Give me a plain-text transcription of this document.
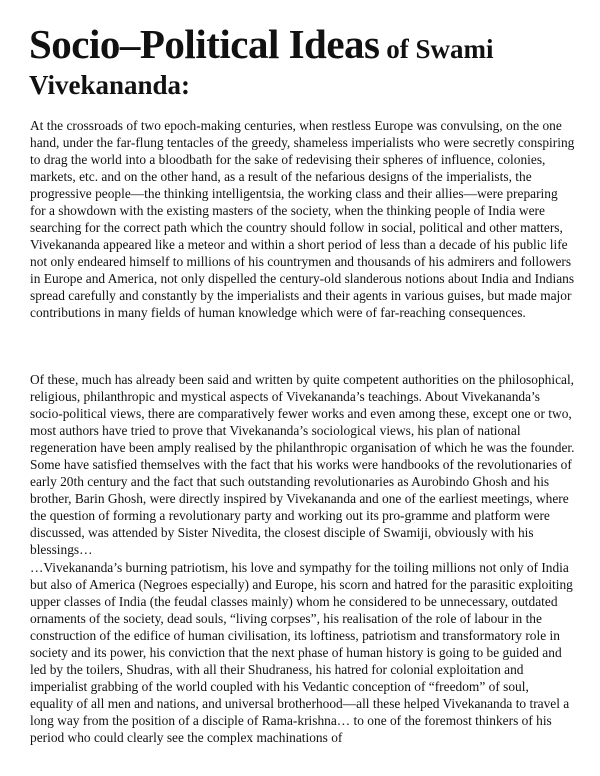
Socio–Political Ideas of Swami Vivekananda:

At the crossroads of two epoch-making centuries, when restless Europe was convulsing, on the one hand, under the far-flung tentacles of the greedy, shameless imperialists who were secretly conspiring to drag the world into a bloodbath for the sake of redevising their spheres of influence, colonies, markets, etc. and on the other hand, as a result of the nefarious designs of the imperialists, the progressive people—the thinking intelligentsia, the working class and their allies—were preparing for a showdown with the existing masters of the society, when the thinking people of India were searching for the correct path which the country should follow in social, political and other matters, Vivekananda appeared like a meteor and within a short period of less than a decade of his public life not only endeared himself to millions of his countrymen and thousands of his admirers and followers in Europe and America, not only dispelled the century-old slanderous notions about India and Indians spread carefully and constantly by the imperialists and their agents in various guises, but made major contributions in many fields of human knowledge which were of far-reaching consequences.

Of these, much has already been said and written by quite competent authorities on the philosophical, religious, philanthropic and mystical aspects of Vivekananda’s teachings. About Vivekananda’s socio-political views, there are comparatively fewer works and even among these, except one or two, most authors have tried to prove that Vivekananda’s sociological views, his plan of national regeneration have been amply realised by the philanthropic organisation of which he was the founder. Some have satisfied themselves with the fact that his works were handbooks of the revolutionaries of early 20th century and the fact that such outstanding revolutionaries as Aurobindo Ghosh and his brother, Barin Ghosh, were directly inspired by Vivekananda and one of the earliest meetings, where the question of forming a revolutionary party and working out its pro-gramme and platform were discussed, was attended by Sister Nivedita, the closest disciple of Swamiji, obviously with his blessings…

…Vivekananda’s burning patriotism, his love and sympathy for the toiling millions not only of India but also of America (Negroes especially) and Europe, his scorn and hatred for the parasitic exploiting upper classes of India (the feudal classes mainly) whom he considered to be unnecessary, outdated ornaments of the society, dead souls, “living corpses”, his realisation of the role of labour in the construction of the edifice of human civilisation, its loftiness, patriotism and transformatory role in society and its power, his conviction that the next phase of human history is going to be guided and led by the toilers, Shudras, with all their Shudraness, his hatred for colonial exploitation and imperialist grabbing of the world coupled with his Vedantic conception of “freedom” of soul, equality of all men and nations, and universal brotherhood—all these helped Vivekananda to travel a long way from the position of a disciple of Rama-krishna… to one of the foremost thinkers of his period who could clearly see the complex machinations of
